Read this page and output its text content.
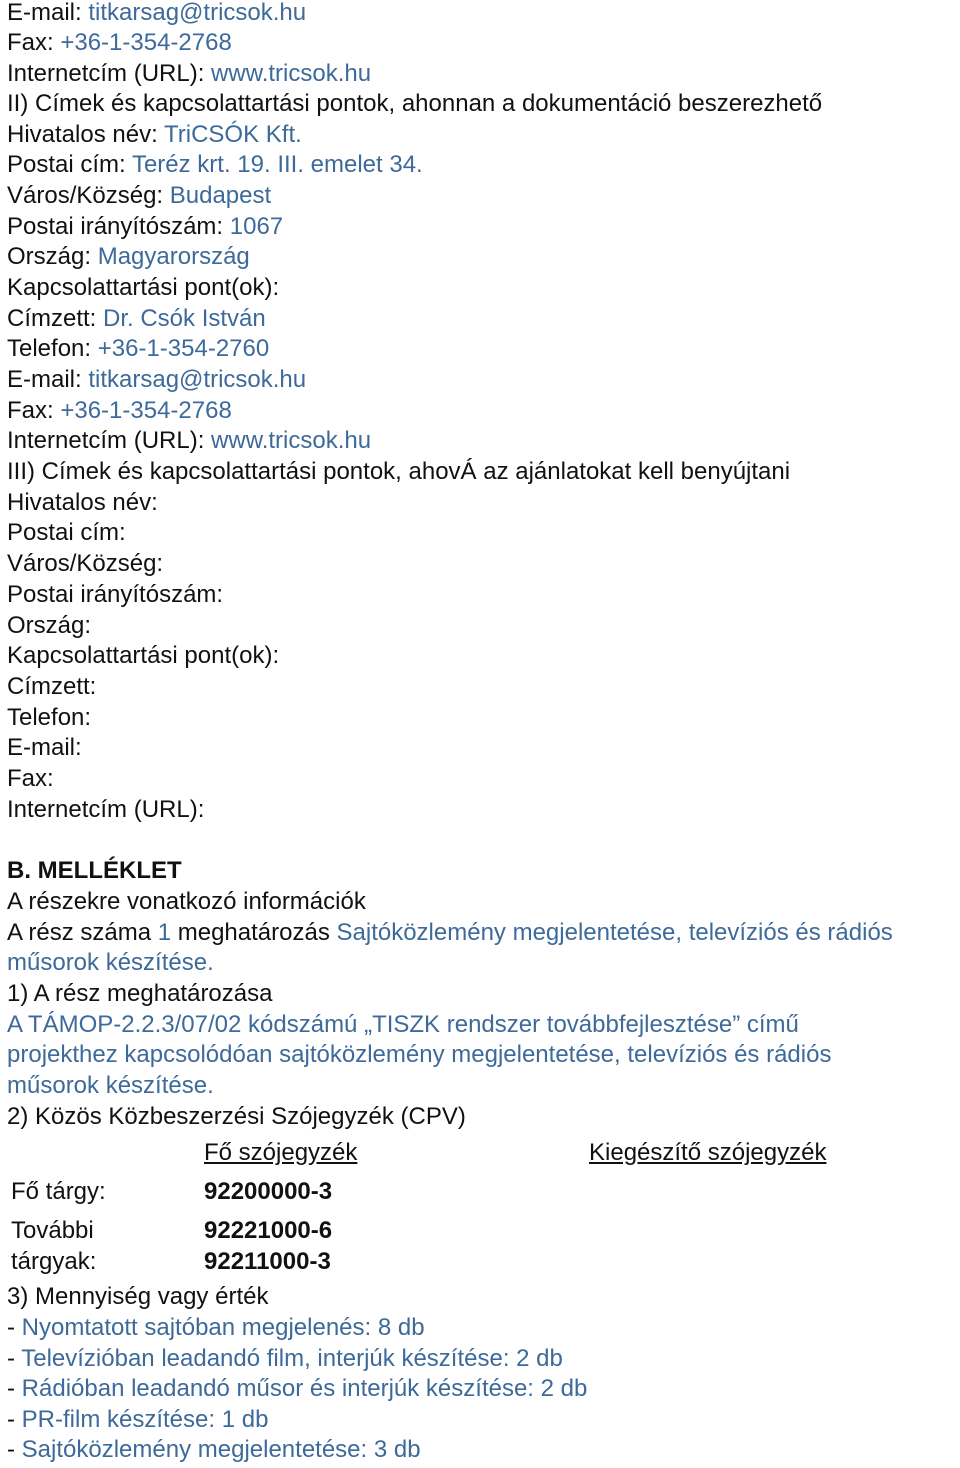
E-mail: titkarsag@tricsok.hu
Fax: +36-1-354-2768
Internetcím (URL): www.tricsok.hu
II) Címek és kapcsolattartási pontok, ahonnan a dokumentáció beszerezhető
Hivatalos név: TriCSÓK Kft.
Postai cím: Teréz krt. 19. III. emelet 34.
Város/Község: Budapest
Postai irányítószám: 1067
Ország: Magyarország
Kapcsolattartási pont(ok):
Címzett: Dr. Csók István
Telefon: +36-1-354-2760
E-mail: titkarsag@tricsok.hu
Fax: +36-1-354-2768
Internetcím (URL): www.tricsok.hu
III) Címek és kapcsolattartási pontok, ahovÁ az ajánlatokat kell benyújtani
Hivatalos név:
Postai cím:
Város/Község:
Postai irányítószám:
Ország:
Kapcsolattartási pont(ok):
Címzett:
Telefon:
E-mail:
Fax:
Internetcím (URL):
B. MELLÉKLET
A részekre vonatkozó információk
A rész száma 1 meghatározás Sajtóközlemény megjelentetése, televíziós és rádiós
műsorok készítése.
1) A rész meghatározása
A TÁMOP-2.2.3/07/02 kódszámú „TISZK rendszer továbbfejlesztése” című
projekthez kapcsolódóan sajtóközlemény megjelentetése, televíziós és rádiós
műsorok készítése.
2) Közös Közbeszerzési Szójegyzék (CPV)
Fő szójegyzék	Kiegészítő szójegyzék
Fő tárgy:	92200000-3
További
tárgyak:
92221000-6
92211000-3
3) Mennyiség vagy érték
- Nyomtatott sajtóban megjelenés: 8 db
- Televízióban leadandó film, interjúk készítése: 2 db
- Rádióban leadandó műsor és interjúk készítése: 2 db
- PR-film készítése: 1 db
- Sajtóközlemény megjelentetése: 3 db
